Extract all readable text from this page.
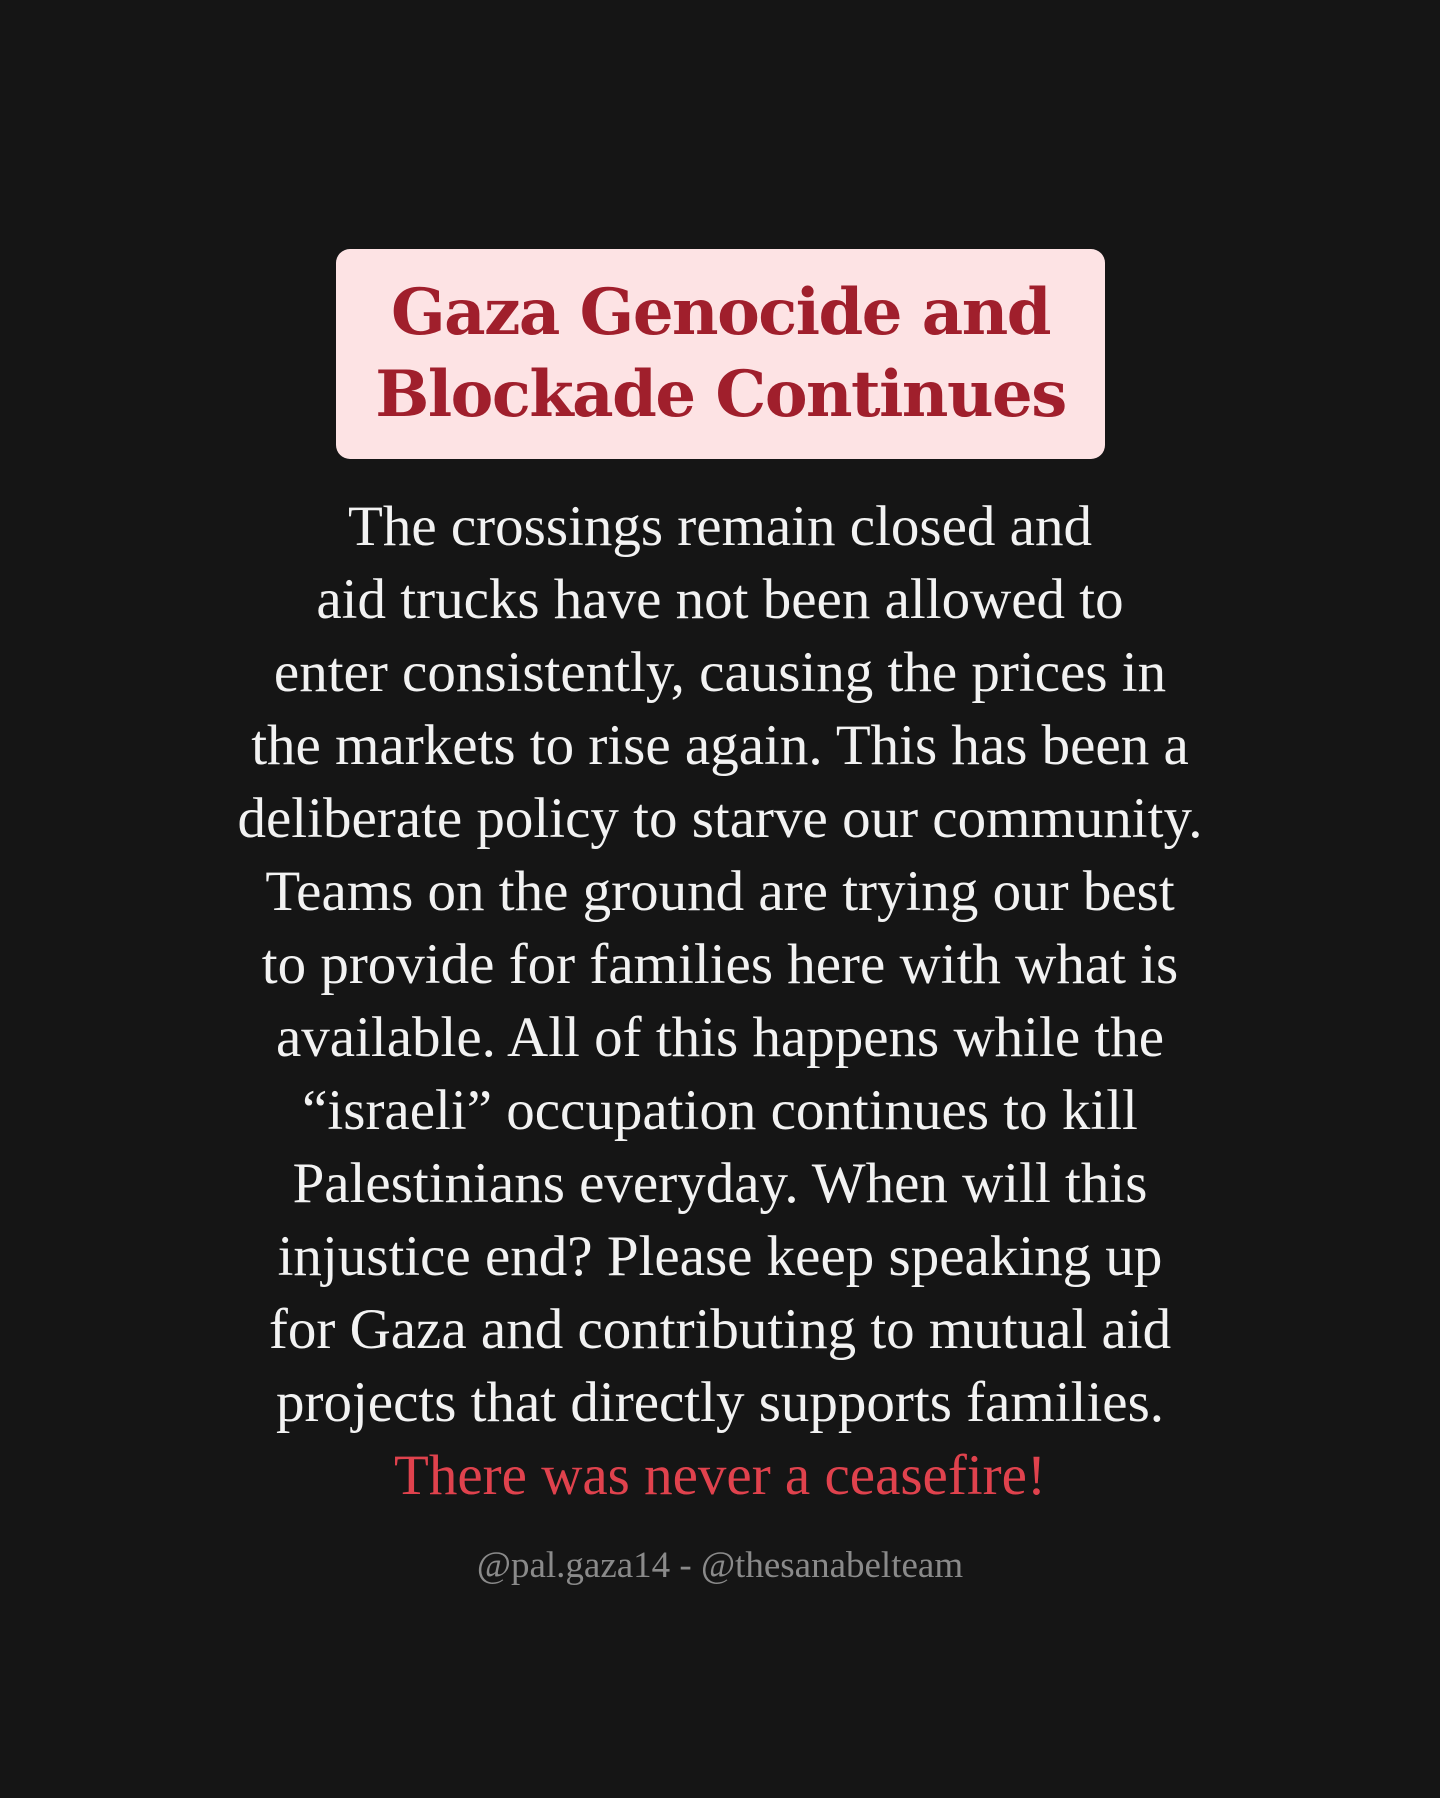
Gaza Genocide and
Blockade Continues
The crossings remain closed and
aid trucks have not been allowed to
enter consistently, causing the prices in
the markets to rise again. This has been a
deliberate policy to starve our community.
Teams on the ground are trying our best
to provide for families here with what is
available. All of this happens while the
“israeli” occupation continues to kill
Palestinians everyday. When will this
injustice end? Please keep speaking up
for Gaza and contributing to mutual aid
projects that directly supports families.
There was never a ceasefire!
@pal.gaza14 - @thesanabelteam
